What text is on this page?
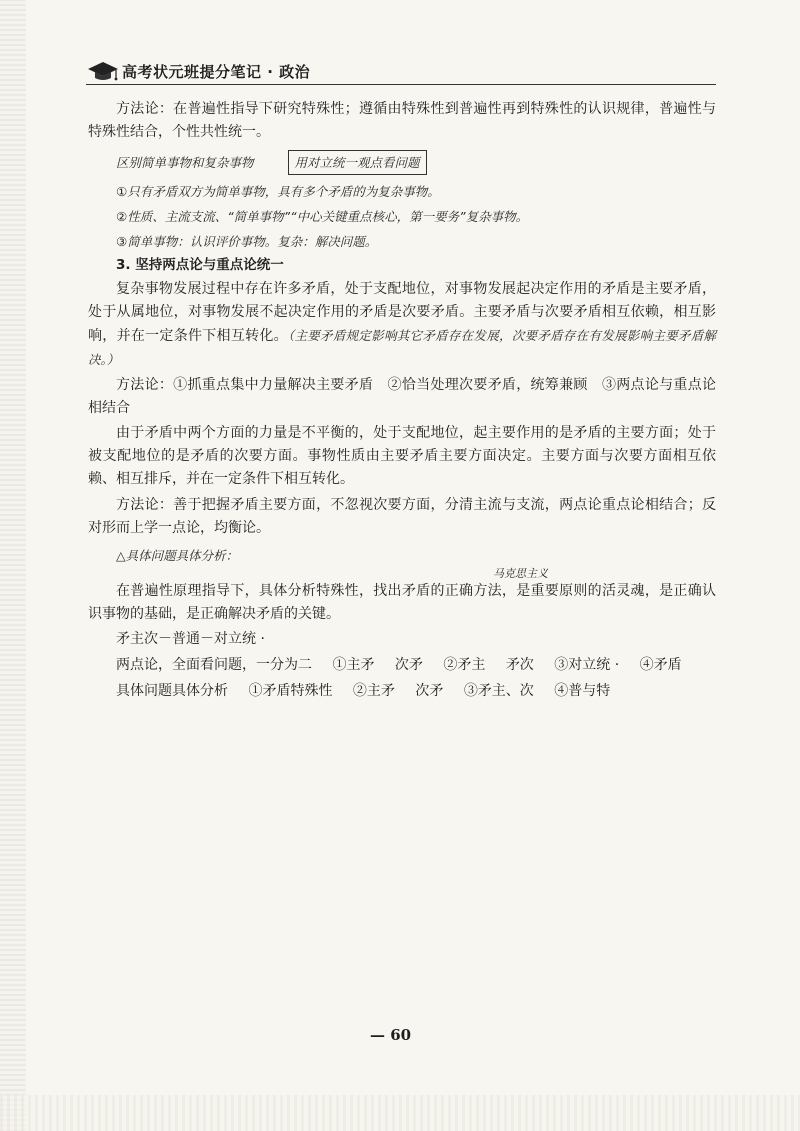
高考状元班提分笔记 · 政治
方法论：在普遍性指导下研究特殊性；遵循由特殊性到普遍性再到特殊性的认识规律，普遍性与特殊性结合，个性共性统一。
区别简单事物和复杂事物	用对立统一观点看问题
①只有矛盾双方为简单事物，具有多个矛盾的为复杂事物。
②性质、主流支流、“简单事物”“中心关键重点核心，第一要务”复杂事物。
③简单事物：认识评价事物。复杂：解决问题。
3. 坚持两点论与重点论统一
复杂事物发展过程中存在许多矛盾，处于支配地位，对事物发展起决定作用的矛盾是主要矛盾，处于从属地位，对事物发展不起决定作用的矛盾是次要矛盾。主要矛盾与次要矛盾相互依赖，相互影响，并在一定条件下相互转化。（主要矛盾规定影响其它矛盾存在发展，次要矛盾存在有发展影响主要矛盾解决。）
方法论：①抓重点集中力量解决主要矛盾　②恰当处理次要矛盾，统筹兼顾　③两点论与重点论相结合
由于矛盾中两个方面的力量是不平衡的，处于支配地位，起主要作用的是矛盾的主要方面；处于被支配地位的是矛盾的次要方面。事物性质由主要矛盾主要方面决定。主要方面与次要方面相互依赖、相互排斥，并在一定条件下相互转化。
方法论：善于把握矛盾主要方面，不忽视次要方面，分清主流与支流，两点论重点论相结合；反对形而上学一点论，均衡论。
△具体问题具体分析：
马克思主义
在普遍性原理指导下，具体分析特殊性，找出矛盾的正确方法，是重要原则的活灵魂，是正确认识事物的基础，是正确解决矛盾的关键。
矛主次－普通－对立统 ·
两点论，全面看问题，一分为二 ①主矛 次矛 ②矛主 矛次 ③对立统 · ④矛盾
具体问题具体分析 ①矛盾特殊性 ②主矛 次矛 ③矛主、次 ④普与特
— 60
